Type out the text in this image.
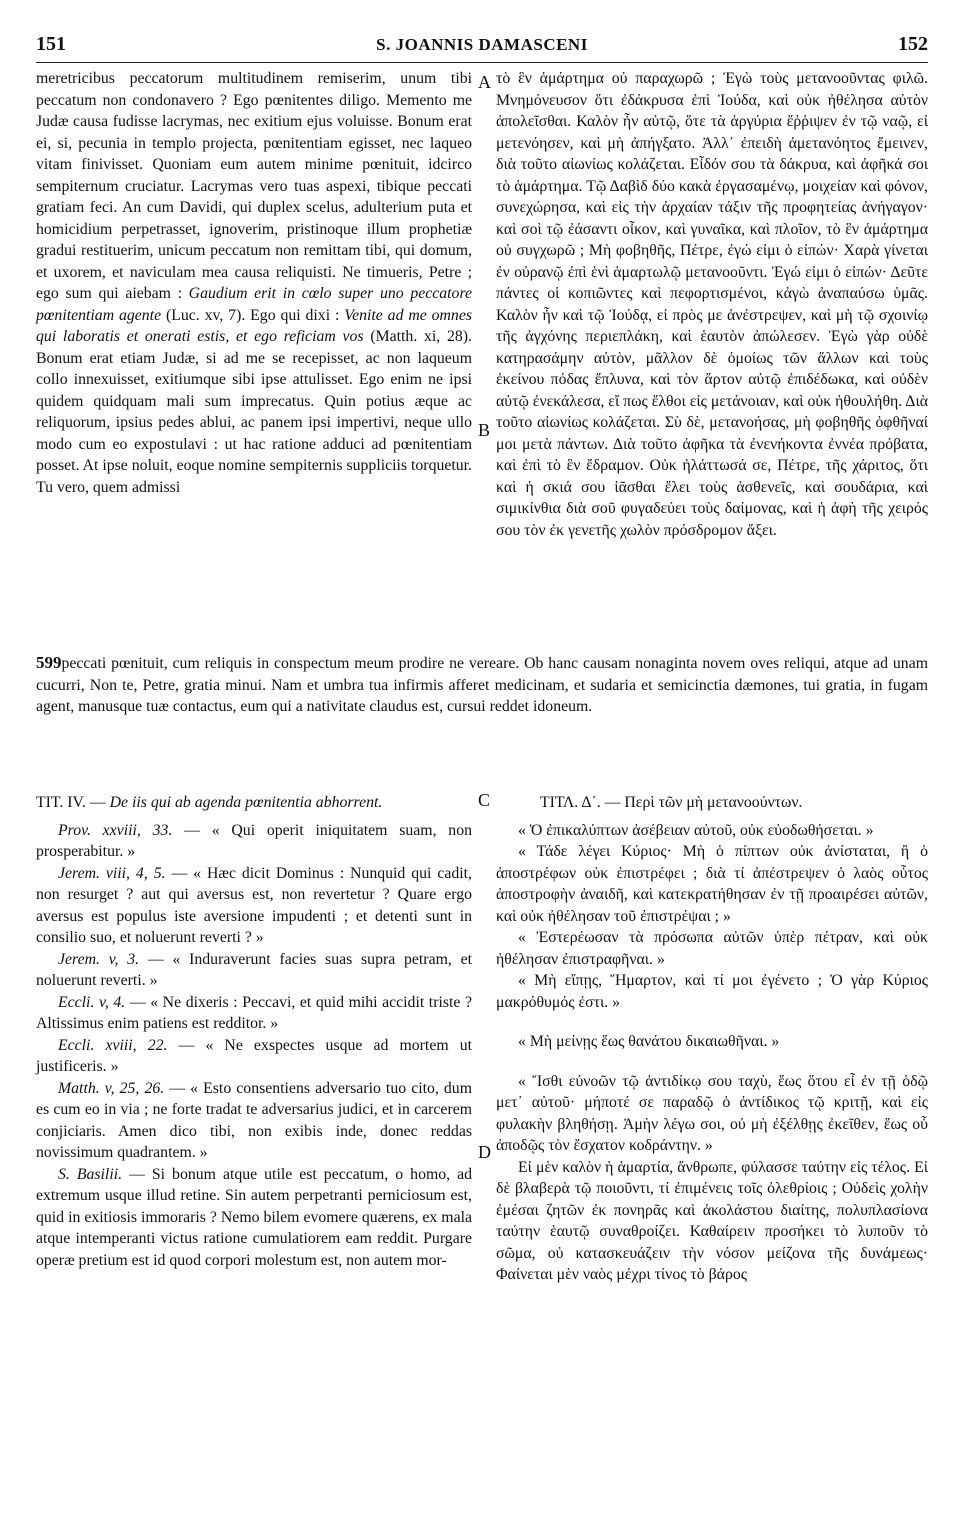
151	S. JOANNIS DAMASCENI	152
A
B
C
D

meretricibus peccatorum multitudinem remiserim, unum tibi peccatum non condonavero ? Ego pœnitentes diligo. Memento me Judæ causa fudisse lacrymas, nec exitium ejus voluisse. Bonum erat ei, si, pecunia in templo projecta, pœnitentiam egisset, nec laqueo vitam finivisset. Quoniam eum autem minime pœnituit, idcirco sempiternum cruciatur. Lacrymas vero tuas aspexi, tibique peccati gratiam feci. An cum Davidi, qui duplex scelus, adulterium puta et homicidium perpetrasset, ignoverim, pristinoque illum prophetiæ gradui restituerim, unicum peccatum non remittam tibi, qui domum, et uxorem, et naviculam mea causa reliquisti. Ne timueris, Petre ; ego sum qui aiebam : Gaudium erit in cœlo super uno peccatore pœnitentiam agente (Luc. xv, 7). Ego qui dixi : Venite ad me omnes qui laboratis et onerati estis, et ego reficiam vos (Matth. xi, 28). Bonum erat etiam Judæ, si ad me se recepisset, ac non laqueum collo innexuisset, exitiumque sibi ipse attulisset. Ego enim ne ipsi quidem quidquam mali sum imprecatus. Quin potius æque ac reliquorum, ipsius pedes ablui, ac panem ipsi impertivi, neque ullo modo cum eo expostulavi : ut hac ratione adduci ad pœnitentiam posset. At ipse noluit, eoque nomine sempiternis suppliciis torquetur. Tu vero, quem admissi

τὸ ἓν ἁμάρτημα οὐ παραχωρῶ ; Ἐγὼ τοὺς μετανοοῦντας φιλῶ. Μνημόνευσον ὅτι ἐδάκρυσα ἐπὶ Ἰούδα, καὶ οὐκ ἠθέλησα αὐτὸν ἀπολεῖσθαι. Καλὸν ἦν αὐτῷ, ὅτε τὰ ἀργύρια ἔῤῥιψεν ἐν τῷ ναῷ, εἰ μετενόησεν, καὶ μὴ ἀπήγξατο. Ἀλλ᾽ ἐπειδὴ ἀμετανόητος ἔμεινεν, διὰ τοῦτο αἰωνίως κολάζεται. Εἶδόν σου τὰ δάκρυα, καὶ ἀφῆκά σοι τὸ ἁμάρτημα. Τῷ Δαβὶδ δύο κακὰ ἐργασαμένῳ, μοιχείαν καὶ φόνον, συνεχώρησα, καὶ εἰς τὴν ἀρχαίαν τάξιν τῆς προφητείας ἀνήγαγον· καὶ σοὶ τῷ ἐάσαντι οἶκον, καὶ γυναῖκα, καὶ πλοῖον, τὸ ἓν ἁμάρτημα οὐ συγχωρῶ ; Μὴ φοβηθῆς, Πέτρε, ἐγώ εἰμι ὁ εἰπών· Χαρὰ γίνεται ἐν οὐρανῷ ἐπὶ ἑνὶ ἁμαρτωλῷ μετανοοῦντι. Ἐγώ εἰμι ὁ εἰπών· Δεῦτε πάντες οἱ κοπιῶντες καὶ πεφορτισμένοι, κἀγὼ ἀναπαύσω ὑμᾶς. Καλὸν ἦν καὶ τῷ Ἰούδᾳ, εἰ πρὸς με ἀνέστρεψεν, καὶ μὴ τῷ σχοινίῳ τῆς ἀγχόνης περιεπλάκη, καὶ ἑαυτὸν ἀπώλεσεν. Ἐγὼ γὰρ οὐδὲ κατηρασάμην αὐτὸν, μᾶλλον δὲ ὁμοίως τῶν ἄλλων καὶ τοὺς ἐκείνου πόδας ἔπλυνα, καὶ τὸν ἄρτον αὐτῷ ἐπιδέδωκα, καὶ οὐδὲν αὐτῷ ἐνεκάλεσα, εἴ πως ἔλθοι εἰς μετάνοιαν, καὶ οὐκ ἠθουλήθη. Διὰ τοῦτο αἰωνίως κολάζεται. Σὺ δὲ, μετανοήσας, μὴ φοβηθῆς ὀφθῆναί μοι μετὰ πάντων. Διὰ τοῦτο ἀφῆκα τὰ ἐνενήκοντα ἐννέα πρόβατα, καὶ ἐπὶ τὸ ἓν ἔδραμον. Οὐκ ἠλάττωσά σε, Πέτρε, τῆς χάριτος, ὅτι καὶ ἡ σκιά σου ἰᾶσθαι ἔλει τοὺς ἀσθενεῖς, καὶ σουδάρια, καὶ σιμικίνθια διὰ σοῦ φυγαδεύει τοὺς δαίμονας, καὶ ἡ ἀφὴ τῆς χειρός σου τὸν ἐκ γενετῆς χωλὸν πρόσδρομον ἄξει.

599peccati pœnituit, cum reliquis in conspectum meum prodire ne vereare. Ob hanc causam nonaginta novem oves reliqui, atque ad unam cucurri, Non te, Petre, gratia minui. Nam et umbra tua infirmis afferet medicinam, et sudaria et semicinctia dæmones, tui gratia, in fugam agent, manusque tuæ contactus, eum qui a nativitate claudus est, cursui reddet idoneum.

TIT. IV. — De iis qui ab agenda pœnitentia abhorrent.

Prov. xxviii, 33. — « Qui operit iniquitatem suam, non prosperabitur. »

Jerem. viii, 4, 5. — « Hæc dicit Dominus : Nunquid qui cadit, non resurget ? aut qui aversus est, non revertetur ? Quare ergo aversus est populus iste aversione impudenti ; et detenti sunt in consilio suo, et noluerunt reverti ? »

Jerem. v, 3. — « Induraverunt facies suas supra petram, et noluerunt reverti. »

Eccli. v, 4. — « Ne dixeris : Peccavi, et quid mihi accidit triste ? Altissimus enim patiens est redditor. »

Eccli. xviii, 22. — « Ne exspectes usque ad mortem ut justificeris. »

Matth. v, 25, 26. — « Esto consentiens adversario tuo cito, dum es cum eo in via ; ne forte tradat te adversarius judici, et in carcerem conjiciaris. Amen dico tibi, non exibis inde, donec reddas novissimum quadrantem. »

S. Basilii. — Si bonum atque utile est peccatum, o homo, ad extremum usque illud retine. Sin autem perpetranti perniciosum est, quid in exitiosis immoraris ? Nemo bilem evomere quærens, ex mala atque intemperanti victus ratione cumulatiorem eam reddit. Purgare operæ pretium est id quod corpori molestum est, non autem mor-

ΤΙΤΛ. Δ΄. — Περὶ τῶν μὴ μετανοούντων.

« Ὁ ἐπικαλύπτων ἀσέβειαν αὐτοῦ, οὐκ εὐοδωθήσεται. »

« Τάδε λέγει Κύριος· Μὴ ὁ πίπτων οὐκ ἀνίσταται, ἢ ὁ ἀποστρέφων οὐκ ἐπιστρέφει ; διὰ τί ἀπέστρεψεν ὁ λαὸς οὗτος ἀποστροφὴν ἀναιδῆ, καὶ κατεκρατήθησαν ἐν τῇ προαιρέσει αὐτῶν, καὶ οὐκ ἠθέλησαν τοῦ ἐπιστρέψαι ; »

« Ἐστερέωσαν τὰ πρόσωπα αὐτῶν ὑπὲρ πέτραν, καὶ οὐκ ἠθέλησαν ἐπιστραφῆναι. »

« Μὴ εἴπῃς, Ἥμαρτον, καὶ τί μοι ἐγένετο ; Ὁ γὰρ Κύριος μακρόθυμός ἐστι. »

« Μὴ μείνῃς ἕως θανάτου δικαιωθῆναι. »

« Ἴσθι εὐνοῶν τῷ ἀντιδίκῳ σου ταχὺ, ἕως ὅτου εἶ ἐν τῇ ὁδῷ μετ᾽ αὐτοῦ· μήποτέ σε παραδῷ ὁ ἀντίδικος τῷ κριτῇ, καὶ εἰς φυλακὴν βληθήσῃ. Ἀμὴν λέγω σοι, οὐ μὴ ἐξέλθῃς ἐκεῖθεν, ἕως οὗ ἀποδῷς τὸν ἔσχατον κοδράντην. »

Εἰ μὲν καλὸν ἡ ἁμαρτία, ἄνθρωπε, φύλασσε ταύτην εἰς τέλος. Εἰ δὲ βλαβερὰ τῷ ποιοῦντι, τί ἐπιμένεις τοῖς ὀλεθρίοις ; Οὐδεὶς χολὴν ἐμέσαι ζητῶν ἐκ πονηρᾶς καὶ ἀκολάστου διαίτης, πολυπλασίονα ταύτην ἑαυτῷ συναθροίζει. Καθαίρειν προσήκει τὸ λυποῦν τὸ σῶμα, οὐ κατασκευάζειν τὴν νόσον μείζονα τῆς δυνάμεως· Φαίνεται μὲν ναὸς μέχρι τίνος τὸ βάρος
